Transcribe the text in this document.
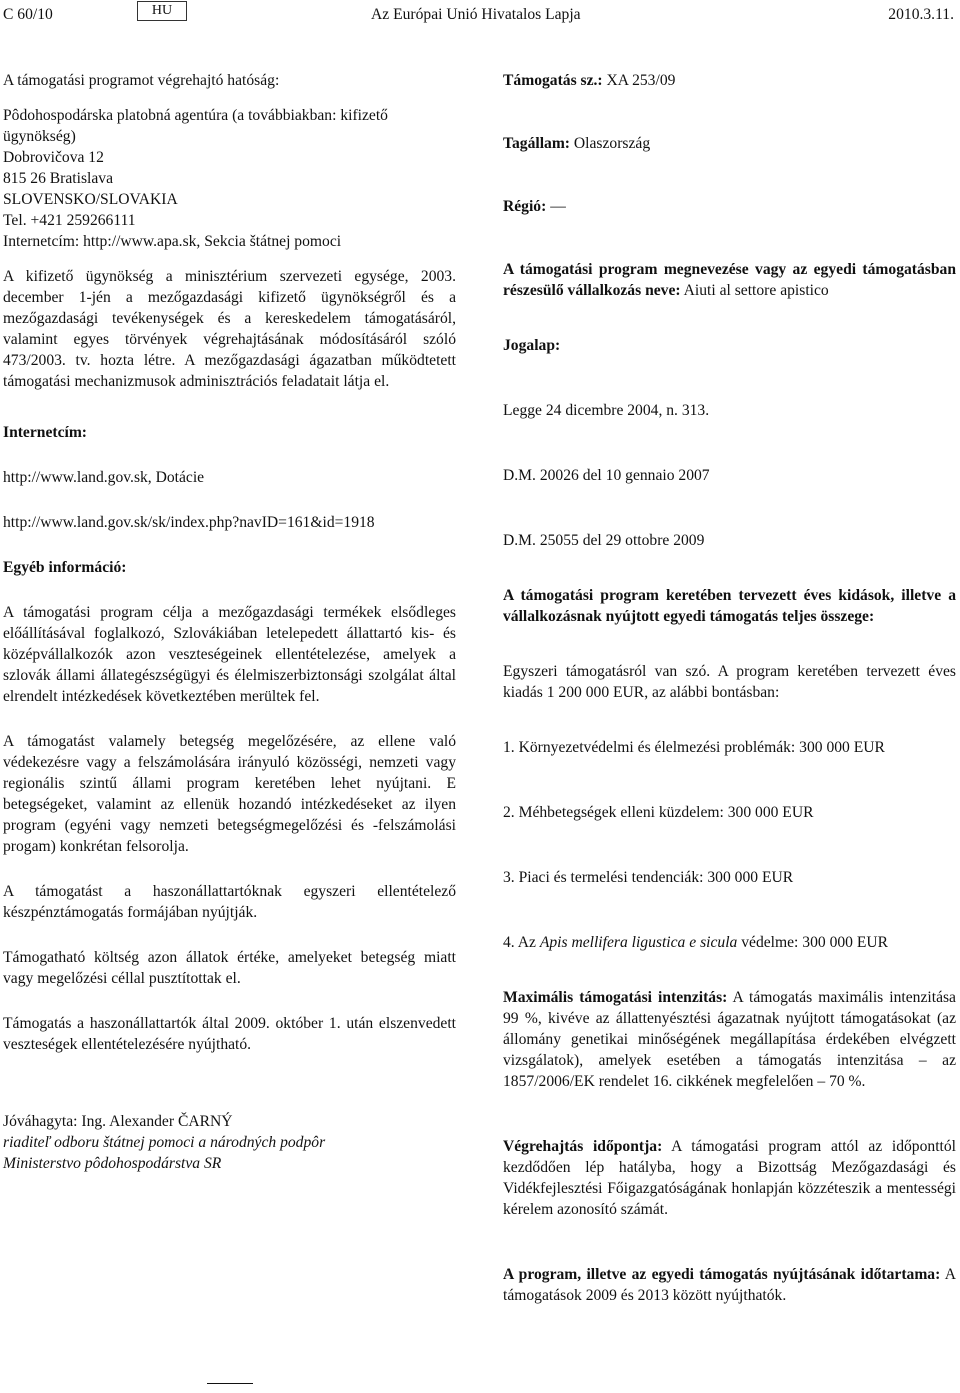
C 60/10	HU	Az Európai Unió Hivatalos Lapja	2010.3.11.

A támogatási programot végrehajtó hatóság:

Pôdohospodárska platobná agentúra (a továbbiakban: kifizető ügynökség)

Dobrovičova 12

815 26 Bratislava

SLOVENSKO/SLOVAKIA

Tel. +421 259266111

Internetcím: http://www.apa.sk, Sekcia štátnej pomoci

A kifizető ügynökség a minisztérium szervezeti egysége, 2003. december 1-jén a mezőgazdasági kifizető ügynökségről és a mezőgazdasági tevékenységek és a kereskedelem támogatásáról, valamint egyes törvények végrehajtásának módosításáról szóló 473/2003. tv. hozta létre. A mezőgazdasági ágazatban működtetett támogatási mechanizmusok adminisztrációs feladatait látja el.

Internetcím:

http://www.land.gov.sk, Dotácie

http://www.land.gov.sk/sk/index.php?navID=161&id=1918

Egyéb információ:

A támogatási program célja a mezőgazdasági termékek elsődleges előállításával foglalkozó, Szlovákiában letelepedett állattartó kis- és középvállalkozók azon veszteségeinek ellentételezése, amelyek a szlovák állami állategészségügyi és élelmiszerbiztonsági szolgálat által elrendelt intézkedések következtében merültek fel.

A támogatást valamely betegség megelőzésére, az ellene való védekezésre vagy a felszámolására irányuló közösségi, nemzeti vagy regionális szintű állami program keretében lehet nyújtani. E betegségeket, valamint az ellenük hozandó intézkedéseket az ilyen program (egyéni vagy nemzeti betegségmegelőzési és -felszámolási progam) konkrétan felsorolja.

A támogatást a haszonállattartóknak egyszeri ellentételező készpénztámogatás formájában nyújtják.

Támogatható költség azon állatok értéke, amelyeket betegség miatt vagy megelőzési céllal pusztítottak el.

Támogatás a haszonállattartók által 2009. október 1. után elszenvedett veszteségek ellentételezésére nyújtható.

Jóváhagyta: Ing. Alexander ČARNÝ

riaditeľ odboru štátnej pomoci a národných podpôr

Ministerstvo pôdohospodárstva SR

Támogatás sz.: XA 253/09

Tagállam: Olaszország

Régió: —

A támogatási program megnevezése vagy az egyedi támogatásban részesülő vállalkozás neve: Aiuti al settore apistico

Jogalap:

Legge 24 dicembre 2004, n. 313.

D.M. 20026 del 10 gennaio 2007

D.M. 25055 del 29 ottobre 2009

A támogatási program keretében tervezett éves kidások, illetve a vállalkozásnak nyújtott egyedi támogatás teljes összege:

Egyszeri támogatásról van szó. A program keretében tervezett éves kiadás 1 200 000 EUR, az alábbi bontásban:

1. Környezetvédelmi és élelmezési problémák: 300 000 EUR

2. Méhbetegségek elleni küzdelem: 300 000 EUR

3. Piaci és termelési tendenciák: 300 000 EUR

4. Az Apis mellifera ligustica e sicula védelme: 300 000 EUR

Maximális támogatási intenzitás: A támogatás maximális intenzitása 99 %, kivéve az állattenyésztési ágazatnak nyújtott támogatásokat (az állomány genetikai minőségének megállapítása érdekében elvégzett vizsgálatok), amelyek esetében a támogatás intenzitása – az 1857/2006/EK rendelet 16. cikkének megfelelően – 70 %.

Végrehajtás időpontja: A támogatási program attól az időponttól kezdődően lép hatályba, hogy a Bizottság Mezőgazdasági és Vidékfejlesztési Főigazgatóságának honlapján közzéteszik a mentességi kérelem azonosító számát.

A program, illetve az egyedi támogatás nyújtásának időtartama: A támogatások 2009 és 2013 között nyújthatók.
